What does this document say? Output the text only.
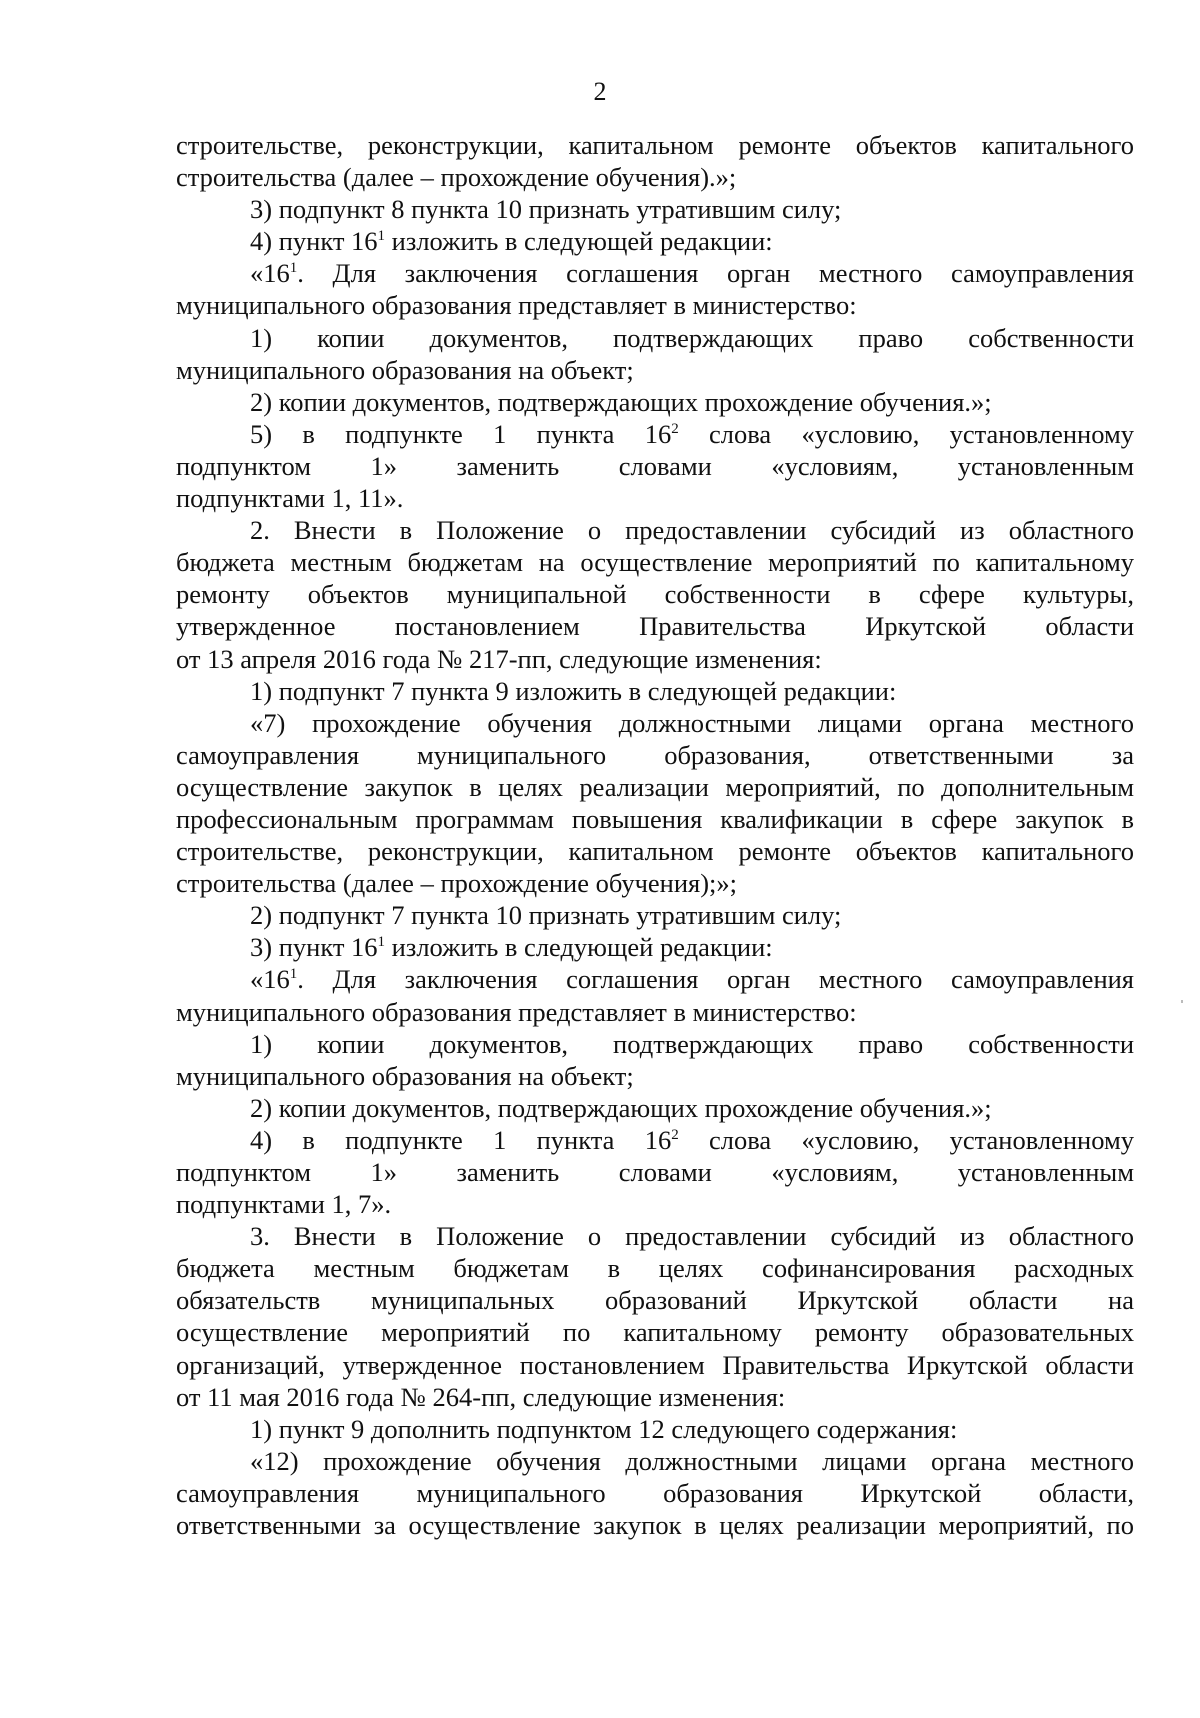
2
строительстве, реконструкции, капитальном ремонте объектов капитального
строительства (далее – прохождение обучения).»;
3) подпункт 8 пункта 10 признать утратившим силу;
4) пункт $16^1$ изложить в следующей редакции:
«$16^1$. Для заключения соглашения орган местного самоуправления
муниципального образования представляет в министерство:
1) копии документов, подтверждающих право собственности
муниципального образования на объект;
2) копии документов, подтверждающих прохождение обучения.»;
5) в подпункте 1 пункта $16^2$ слова «условию, установленному
подпунктом 1» заменить словами «условиям, установленным
подпунктами 1, 11».
2. Внести в Положение о предоставлении субсидий из областного
бюджета местным бюджетам на осуществление мероприятий по капитальному
ремонту объектов муниципальной собственности в сфере культуры,
утвержденное постановлением Правительства Иркутской области
от 13 апреля 2016 года № 217-пп, следующие изменения:
1) подпункт 7 пункта 9 изложить в следующей редакции:
«7) прохождение обучения должностными лицами органа местного
самоуправления муниципального образования, ответственными за
осуществление закупок в целях реализации мероприятий, по дополнительным
профессиональным программам повышения квалификации в сфере закупок в
строительстве, реконструкции, капитальном ремонте объектов капитального
строительства (далее – прохождение обучения);»;
2) подпункт 7 пункта 10 признать утратившим силу;
3) пункт $16^1$ изложить в следующей редакции:
«$16^1$. Для заключения соглашения орган местного самоуправления
муниципального образования представляет в министерство:
1) копии документов, подтверждающих право собственности
муниципального образования на объект;
2) копии документов, подтверждающих прохождение обучения.»;
4) в подпункте 1 пункта $16^2$ слова «условию, установленному
подпунктом 1» заменить словами «условиям, установленным
подпунктами 1, 7».
3. Внести в Положение о предоставлении субсидий из областного
бюджета местным бюджетам в целях софинансирования расходных
обязательств муниципальных образований Иркутской области на
осуществление мероприятий по капитальному ремонту образовательных
организаций, утвержденное постановлением Правительства Иркутской области
от 11 мая 2016 года № 264-пп, следующие изменения:
1) пункт 9 дополнить подпунктом 12 следующего содержания:
«12) прохождение обучения должностными лицами органа местного
самоуправления муниципального образования Иркутской области,
ответственными за осуществление закупок в целях реализации мероприятий, по
